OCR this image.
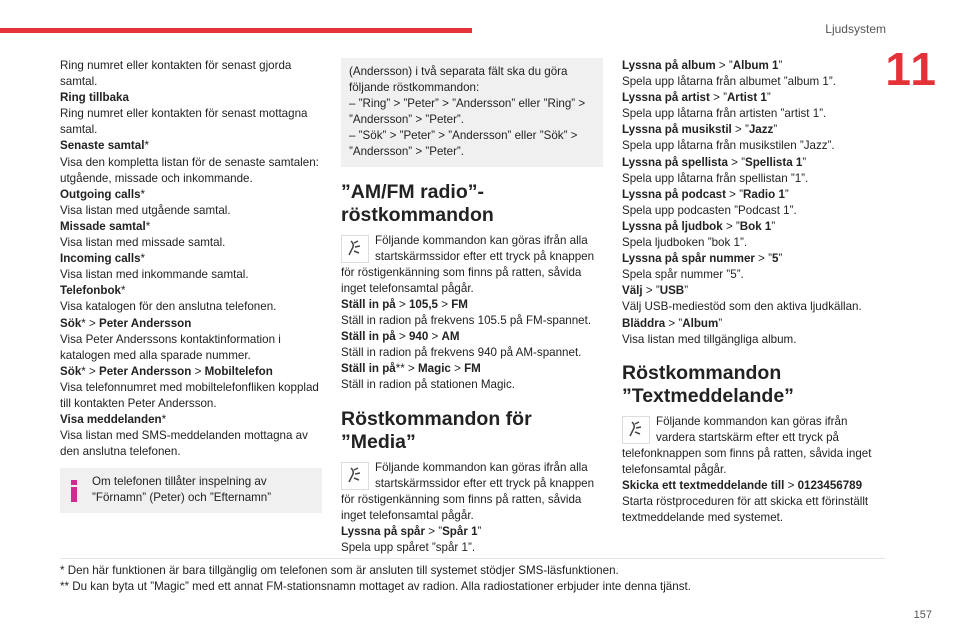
Ljudsystem
11

Ring numret eller kontakten för senast gjorda samtal.

Ring tillbaka

Ring numret eller kontakten för senast mottagna samtal.

Senaste samtal*

Visa den kompletta listan för de senaste samtalen: utgående, missade och inkommande.

Outgoing calls*

Visa listan med utgående samtal.

Missade samtal*

Visa listan med missade samtal.

Incoming calls*

Visa listan med inkommande samtal.

Telefonbok*

Visa katalogen för den anslutna telefonen.

Sök* > Peter Andersson

Visa Peter Anderssons kontaktinformation i katalogen med alla sparade nummer.

Sök* > Peter Andersson > Mobiltelefon

Visa telefonnumret med mobiltelefonfliken kopplad till kontakten Peter Andersson.

Visa meddelanden*

Visa listan med SMS-meddelanden mottagna av den anslutna telefonen.

Om telefonen tillåter inspelning av ”Förnamn” (Peter) och ”Efternamn”

(Andersson) i två separata fält ska du göra följande röstkommandon:

– ”Ring” > ”Peter” > ”Andersson” eller ”Ring” > ”Andersson” > ”Peter”.

– ”Sök” > ”Peter” > ”Andersson” eller ”Sök” > ”Andersson” > ”Peter”.

”AM/FM radio”-röstkommandon

Följande kommandon kan göras ifrån alla startskärmssidor efter ett tryck på knappen för röstigenkänning som finns på ratten, såvida inget telefonsamtal pågår.

Ställ in på > 105,5 > FM

Ställ in radion på frekvens 105.5 på FM-spannet.

Ställ in på > 940 > AM

Ställ in radion på frekvens 940 på AM-spannet.

Ställ in på** > Magic > FM

Ställ in radion på stationen Magic.

Röstkommandon för ”Media”

Följande kommandon kan göras ifrån alla startskärmssidor efter ett tryck på knappen för röstigenkänning som finns på ratten, såvida inget telefonsamtal pågår.

Lyssna på spår > ”Spår 1”

Spela upp spåret ”spår 1”.

Lyssna på album > ”Album 1”

Spela upp låtarna från albumet ”album 1”.

Lyssna på artist > ”Artist 1”

Spela upp låtarna från artisten ”artist 1”.

Lyssna på musikstil > ”Jazz”

Spela upp låtarna från musikstilen ”Jazz”.

Lyssna på spellista > ”Spellista 1”

Spela upp låtarna från spellistan ”1”.

Lyssna på podcast > ”Radio 1”

Spela upp podcasten ”Podcast 1”.

Lyssna på ljudbok > ”Bok 1”

Spela ljudboken ”bok 1”.

Lyssna på spår nummer > ”5”

Spela spår nummer ”5”.

Välj > ”USB”

Välj USB-mediestöd som den aktiva ljudkällan.

Bläddra > ”Album”

Visa listan med tillgängliga album.

Röstkommandon ”Textmeddelande”

Följande kommandon kan göras ifrån vardera startskärm efter ett tryck på telefonknappen som finns på ratten, såvida inget telefonsamtal pågår.

Skicka ett textmeddelande till > 0123456789

Starta röstproceduren för att skicka ett förinställt textmeddelande med systemet.

* Den här funktionen är bara tillgänglig om telefonen som är ansluten till systemet stödjer SMS-läsfunktionen.

** Du kan byta ut ”Magic” med ett annat FM-stationsnamn mottaget av radion. Alla radiostationer erbjuder inte denna tjänst.

157
